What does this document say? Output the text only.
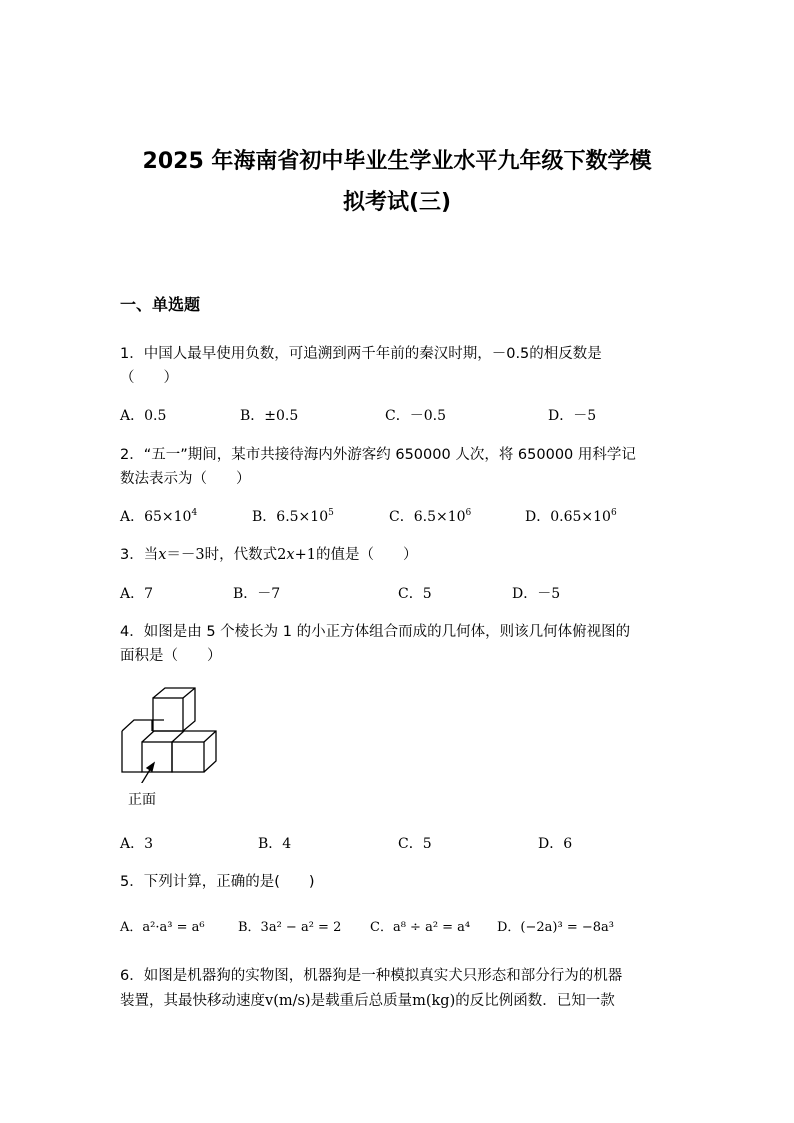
2025 年海南省初中毕业生学业水平九年级下数学模
拟考试(三)
一、单选题
1．中国人最早使用负数，可追溯到两千年前的秦汉时期，－0.5的相反数是
（　　）
A．0.5	B．±0.5	C．－0.5	D．－5
2．“五一”期间，某市共接待海内外游客约 650000 人次，将 650000 用科学记
数法表示为（　　）
A．$65\times 10^4$	B．$6.5\times 10^5$	C．$6.5\times 10^6$	D．$0.65\times 10^6$
3．当x＝－3时，代数式2x+1的值是（　　）
A．7	B．－7	C．5	D．－5
4．如图是由 5 个棱长为 1 的小正方体组合而成的几何体，则该几何体俯视图的
面积是（　　）
正面
A．3	B．4	C．5	D．6
5．下列计算，正确的是(　　)
A．a²·a³ = a⁶	B．3a² − a² = 2 C．a⁸ ÷ a² = a⁴ D．(−2a)³ = −8a³
6．如图是机器狗的实物图，机器狗是一种模拟真实犬只形态和部分行为的机器
装置，其最快移动速度v(m/s)是载重后总质量m(kg)的反比例函数．已知一款
